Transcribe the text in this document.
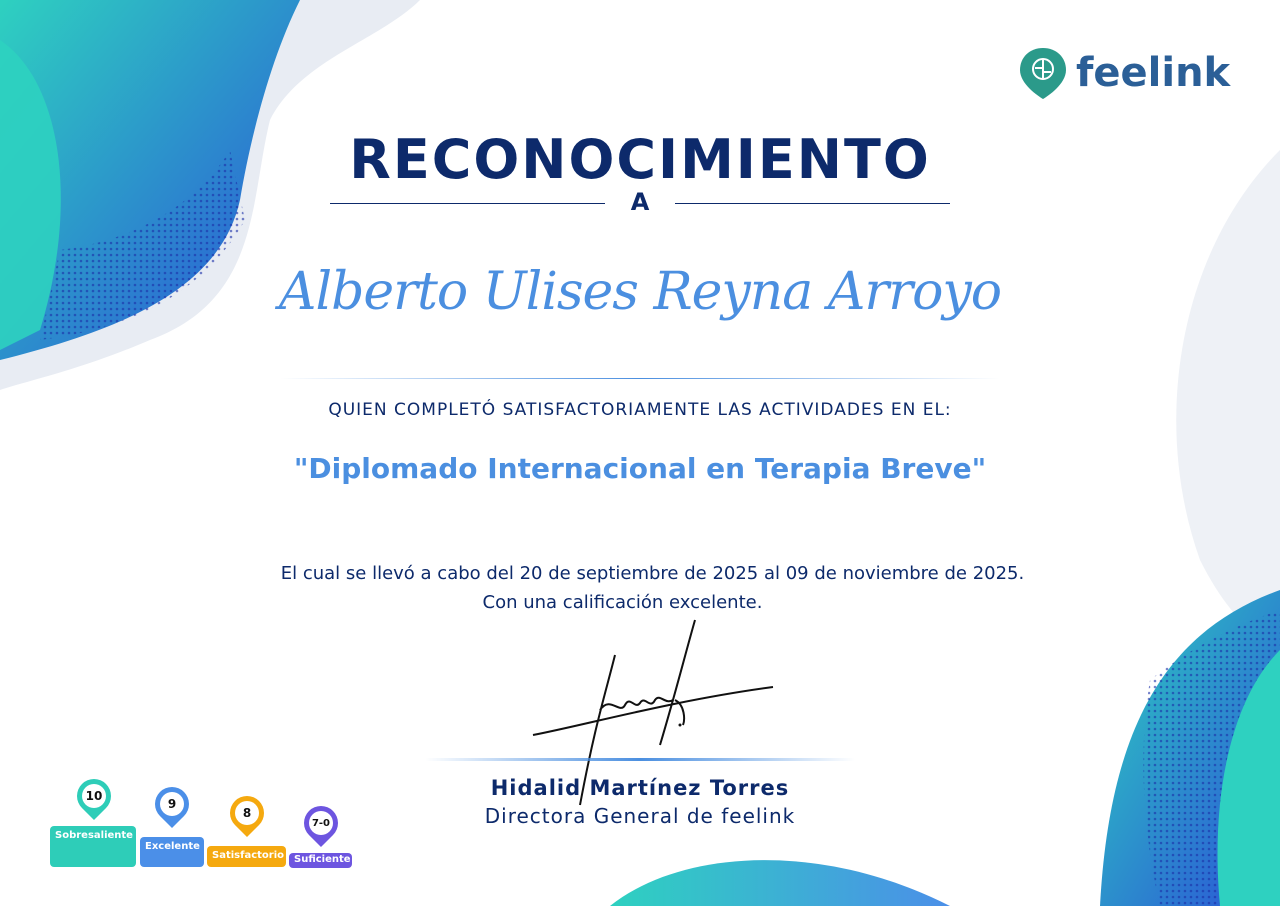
feelink
RECONOCIMIENTO
A
Alberto Ulises Reyna Arroyo
QUIEN COMPLETÓ SATISFACTORIAMENTE LAS ACTIVIDADES EN EL:
"Diplomado Internacional en Terapia Breve"
El cual se llevó a cabo del 20 de septiembre de 2025 al 09 de noviembre de 2025.
Con una calificación excelente.
Hidalid Martínez Torres
Directora General de feelink
10
Sobresaliente
9
Excelente
8
Satisfactorio
7-0
Suficiente
